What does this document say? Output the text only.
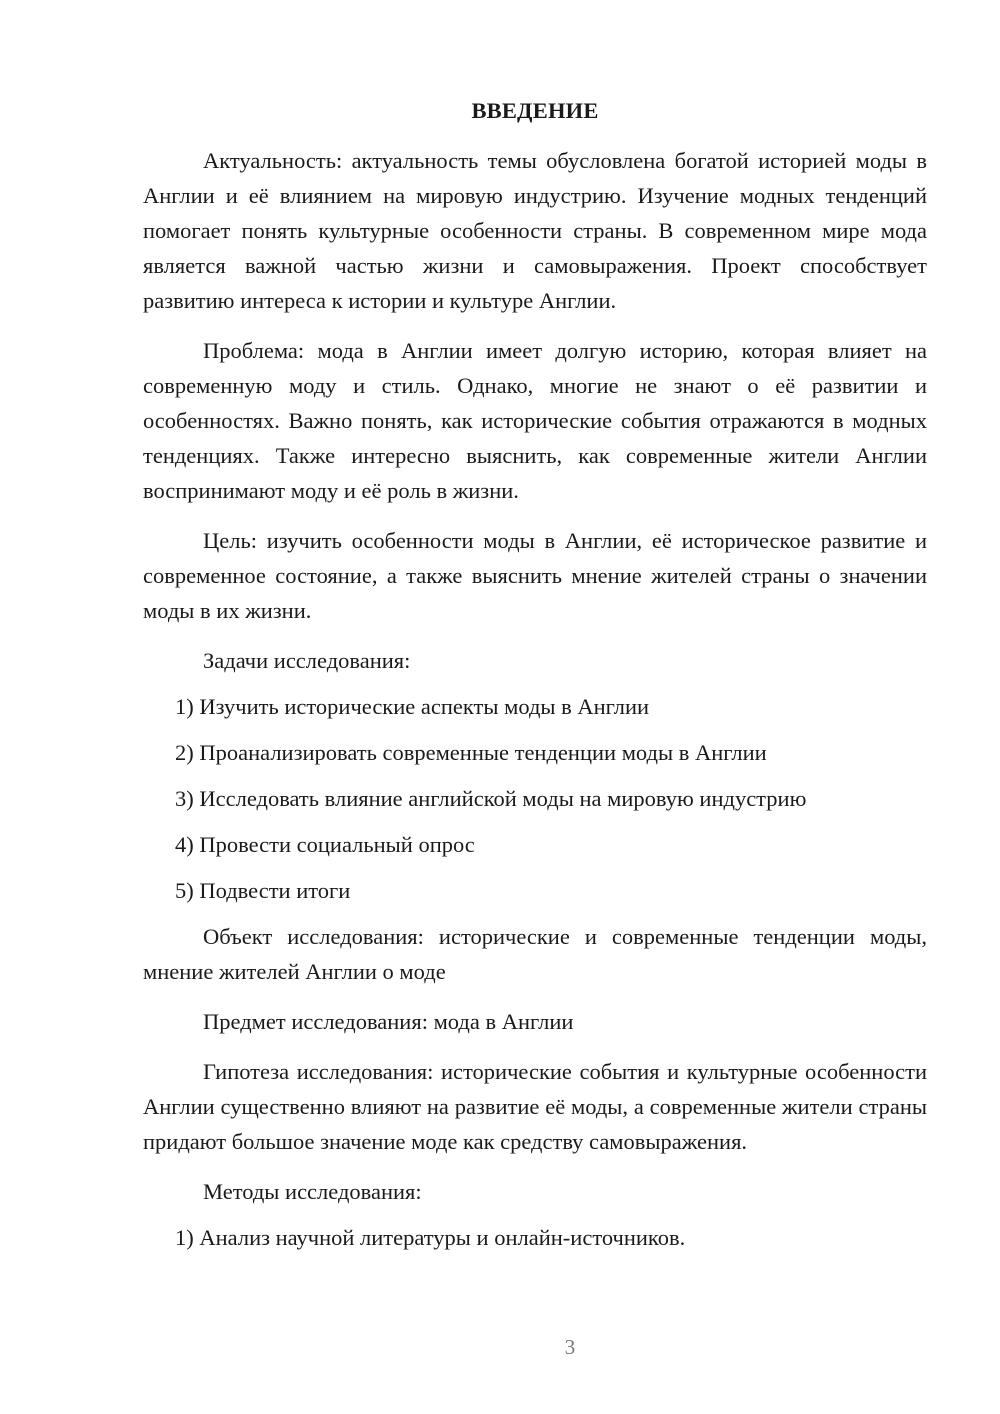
ВВЕДЕНИЕ

Актуальность: актуальность темы обусловлена богатой историей моды в Англии и её влиянием на мировую индустрию. Изучение модных тенденций помогает понять культурные особенности страны. В современном мире мода является важной частью жизни и самовыражения. Проект способствует развитию интереса к истории и культуре Англии.

Проблема: мода в Англии имеет долгую историю, которая влияет на современную моду и стиль. Однако, многие не знают о её развитии и особенностях. Важно понять, как исторические события отражаются в модных тенденциях. Также интересно выяснить, как современные жители Англии воспринимают моду и её роль в жизни.

Цель: изучить особенности моды в Англии, её историческое развитие и современное состояние, а также выяснить мнение жителей страны о значении моды в их жизни.

Задачи исследования:

1) Изучить исторические аспекты моды в Англии
2) Проанализировать современные тенденции моды в Англии
3) Исследовать влияние английской моды на мировую индустрию
4) Провести социальный опрос
5) Подвести итоги

Объект исследования: исторические и современные тенденции моды, мнение жителей Англии о моде

Предмет исследования: мода в Англии

Гипотеза исследования: исторические события и культурные особенности Англии существенно влияют на развитие её моды, а современные жители страны придают большое значение моде как средству самовыражения.

Методы исследования:

1) Анализ научной литературы и онлайн-источников.
3
